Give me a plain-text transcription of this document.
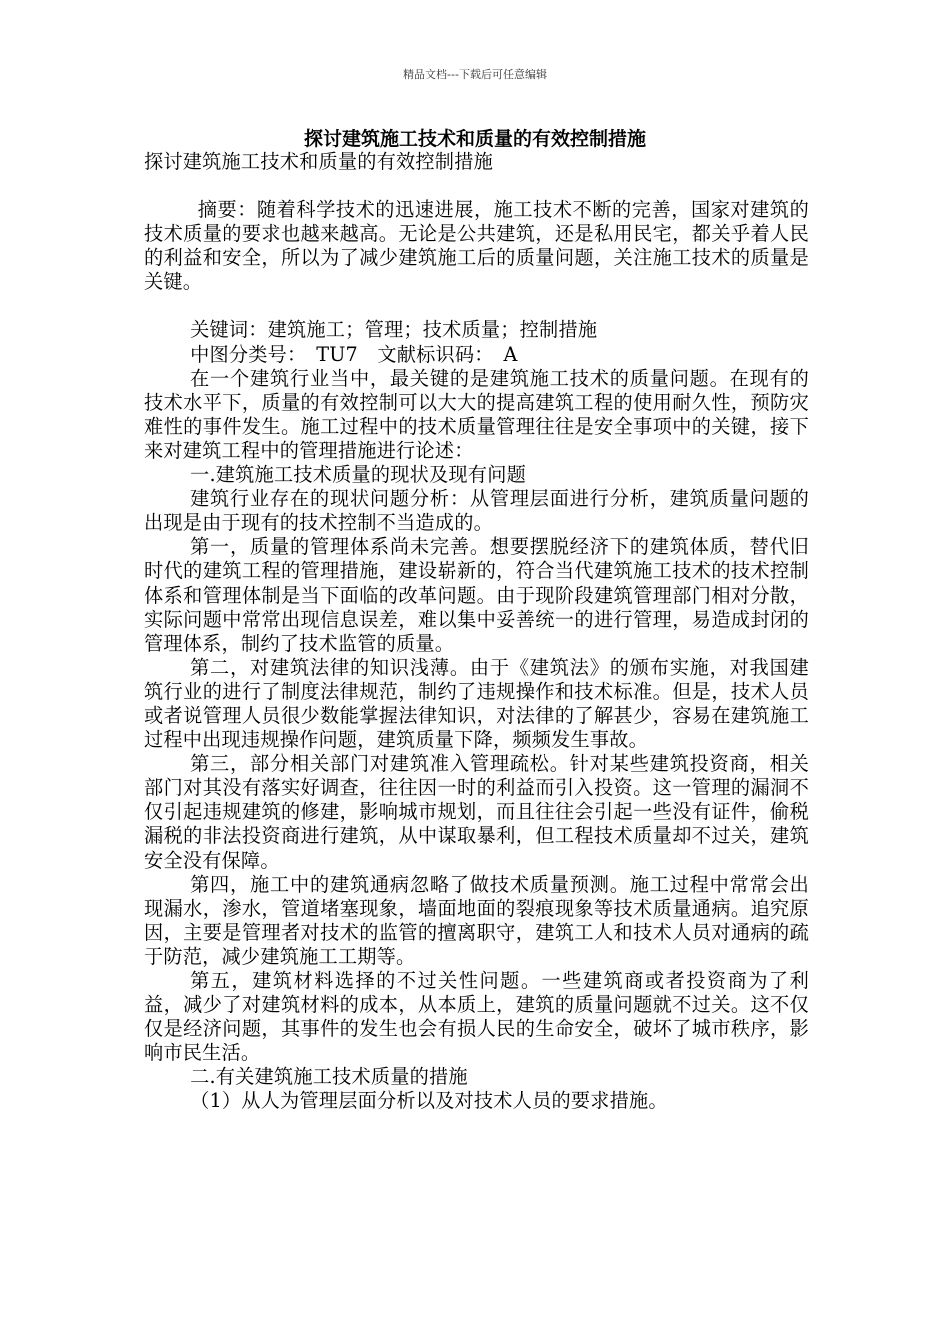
精品文档---下载后可任意编辑
探讨建筑施工技术和质量的有效控制措施

探讨建筑施工技术和质量的有效控制措施

摘要：随着科学技术的迅速进展，施工技术不断的完善，国家对建筑的技术质量的要求也越来越高。无论是公共建筑，还是私用民宅，都关乎着人民的利益和安全，所以为了减少建筑施工后的质量问题，关注施工技术的质量是关键。

关键词：建筑施工；管理；技术质量；控制措施

中图分类号：　TU7　文献标识码：　A

在一个建筑行业当中，最关键的是建筑施工技术的质量问题。在现有的技术水平下，质量的有效控制可以大大的提高建筑工程的使用耐久性，预防灾难性的事件发生。施工过程中的技术质量管理往往是安全事项中的关键，接下来对建筑工程中的管理措施进行论述：

一.建筑施工技术质量的现状及现有问题

建筑行业存在的现状问题分析：从管理层面进行分析，建筑质量问题的出现是由于现有的技术控制不当造成的。

第一，质量的管理体系尚未完善。想要摆脱经济下的建筑体质，替代旧时代的建筑工程的管理措施，建设崭新的，符合当代建筑施工技术的技术控制体系和管理体制是当下面临的改革问题。由于现阶段建筑管理部门相对分散，实际问题中常常出现信息误差，难以集中妥善统一的进行管理，易造成封闭的管理体系，制约了技术监管的质量。

第二，对建筑法律的知识浅薄。由于《建筑法》的颁布实施，对我国建筑行业的进行了制度法律规范，制约了违规操作和技术标准。但是，技术人员或者说管理人员很少数能掌握法律知识，对法律的了解甚少，容易在建筑施工过程中出现违规操作问题，建筑质量下降，频频发生事故。

第三，部分相关部门对建筑准入管理疏松。针对某些建筑投资商，相关部门对其没有落实好调查，往往因一时的利益而引入投资。这一管理的漏洞不仅引起违规建筑的修建，影响城市规划，而且往往会引起一些没有证件，偷税漏税的非法投资商进行建筑，从中谋取暴利，但工程技术质量却不过关，建筑安全没有保障。

第四，施工中的建筑通病忽略了做技术质量预测。施工过程中常常会出现漏水，渗水，管道堵塞现象，墙面地面的裂痕现象等技术质量通病。追究原因，主要是管理者对技术的监管的擅离职守，建筑工人和技术人员对通病的疏于防范，减少建筑施工工期等。

第五，建筑材料选择的不过关性问题。一些建筑商或者投资商为了利益，减少了对建筑材料的成本，从本质上，建筑的质量问题就不过关。这不仅仅是经济问题，其事件的发生也会有损人民的生命安全，破坏了城市秩序，影响市民生活。

二.有关建筑施工技术质量的措施

（1）从人为管理层面分析以及对技术人员的要求措施。
